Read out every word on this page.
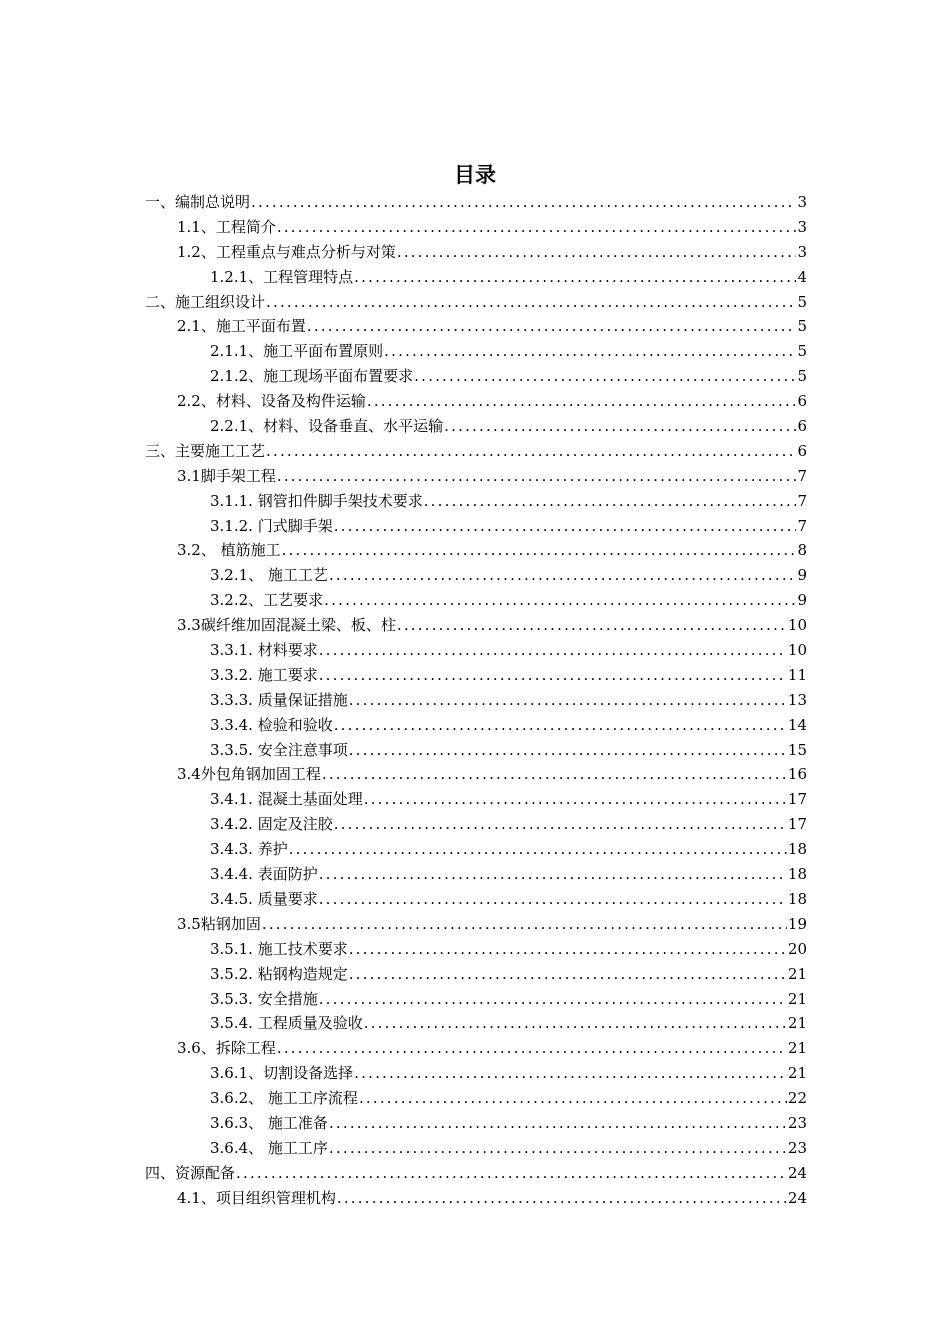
目录
一、编制总说明 .....	3
1.1、工程简介 .....	3
1.2、工程重点与难点分析与对策 .....	3
1.2.1、工程管理特点 .....	4
二、施工组织设计 .....	5
2.1、施工平面布置 .....	5
2.1.1、施工平面布置原则 .....	5
2.1.2、施工现场平面布置要求 .....	5
2.2、材料、设备及构件运输 .....	6
2.2.1、材料、设备垂直、水平运输 .....	6
三、主要施工工艺 .....	6
3.1脚手架工程 .....	7
3.1.1. 钢管扣件脚手架技术要求 .....	7
3.1.2. 门式脚手架 .....	7
3.2、 植筋施工 .....	8
3.2.1、 施工工艺 .....	9
3.2.2、工艺要求 .....	9
3.3碳纤维加固混凝土梁、板、柱 .....	10
3.3.1. 材料要求 .....	10
3.3.2. 施工要求 .....	11
3.3.3. 质量保证措施 .....	13
3.3.4. 检验和验收 .....	14
3.3.5. 安全注意事项 .....	15
3.4外包角钢加固工程 .....	16
3.4.1. 混凝土基面处理 .....	17
3.4.2. 固定及注胶 .....	17
3.4.3. 养护 .....	18
3.4.4. 表面防护 .....	18
3.4.5. 质量要求 .....	18
3.5粘钢加固 .....	19
3.5.1. 施工技术要求 .....	20
3.5.2. 粘钢构造规定 .....	21
3.5.3. 安全措施 .....	21
3.5.4. 工程质量及验收 .....	21
3.6、拆除工程 .....	21
3.6.1、切割设备选择 .....	21
3.6.2、 施工工序流程 .....	22
3.6.3、 施工准备 .....	23
3.6.4、 施工工序 .....	23
四、资源配备 .....	24
4.1、项目组织管理机构 .....	24
